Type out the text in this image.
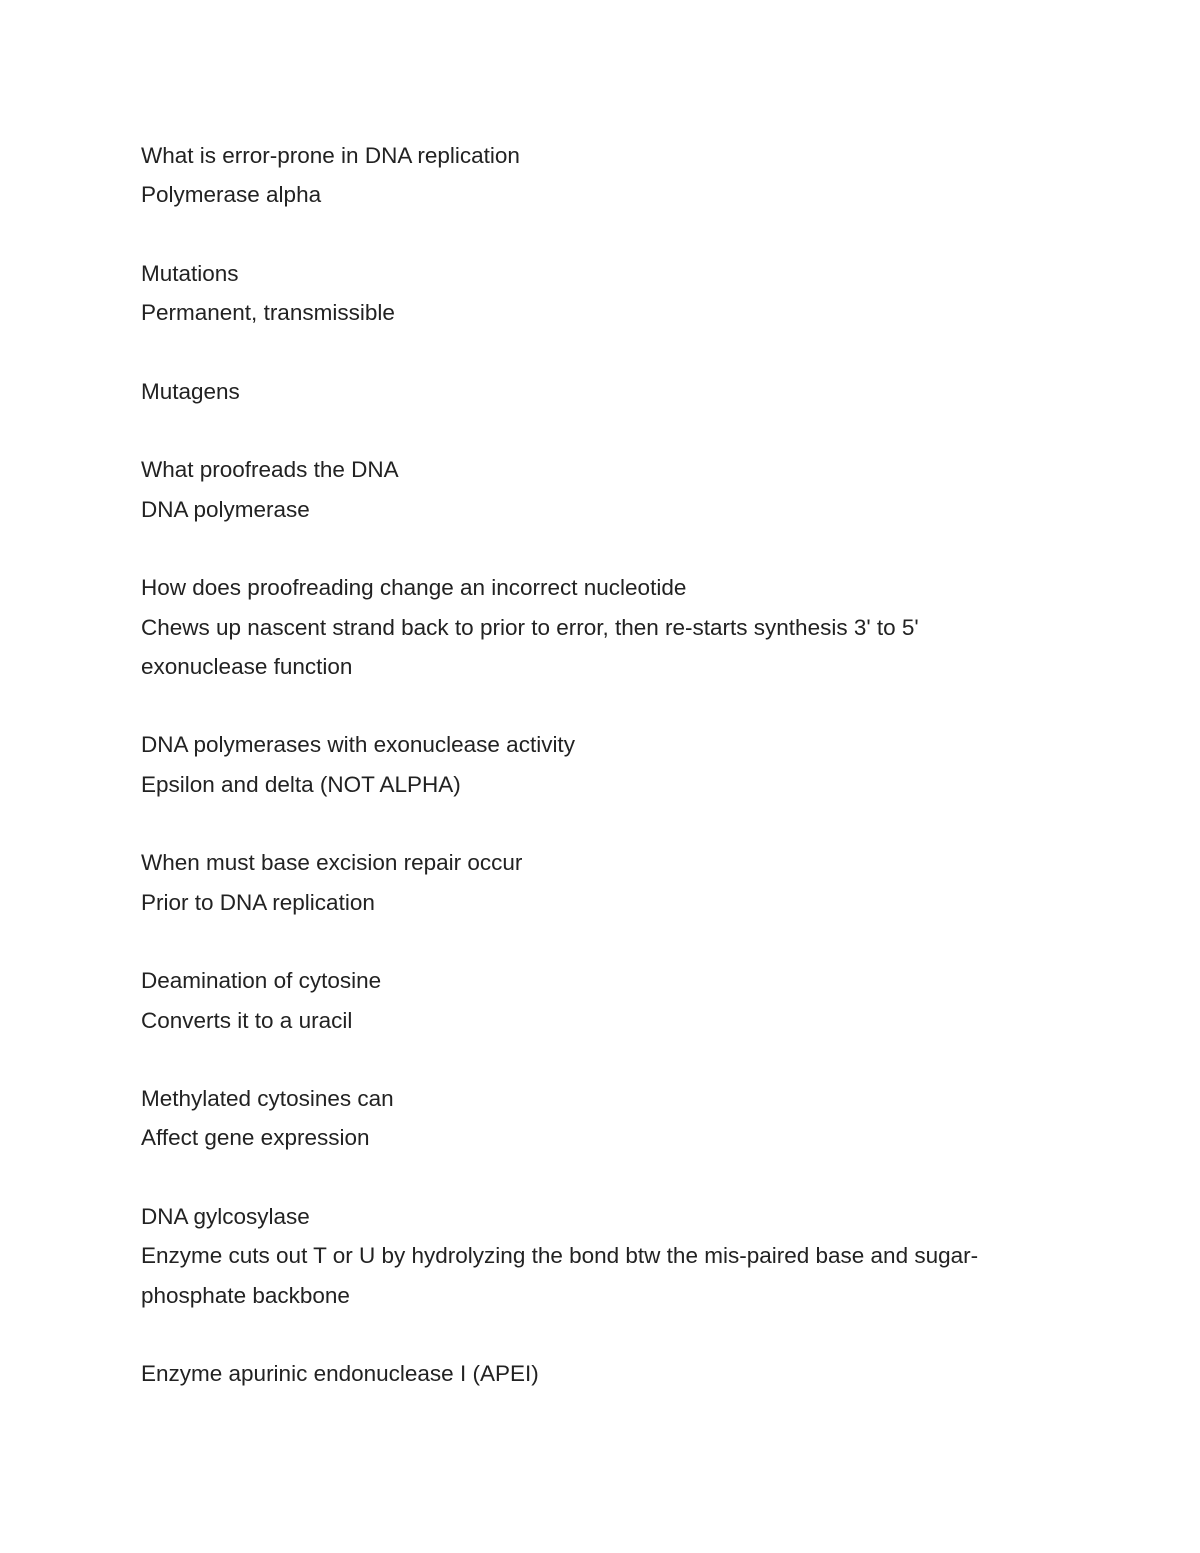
What is error-prone in DNA replication

Polymerase alpha

Mutations

Permanent, transmissible

Mutagens

What proofreads the DNA

DNA polymerase

How does proofreading change an incorrect nucleotide

Chews up nascent strand back to prior to error, then re-starts synthesis 3' to 5'

exonuclease function

DNA polymerases with exonuclease activity

Epsilon and delta (NOT ALPHA)

When must base excision repair occur

Prior to DNA replication

Deamination of cytosine

Converts it to a uracil

Methylated cytosines can

Affect gene expression

DNA gylcosylase

Enzyme cuts out T or U by hydrolyzing the bond btw the mis-paired base and sugar-

phosphate backbone

Enzyme apurinic endonuclease I (APEI)
